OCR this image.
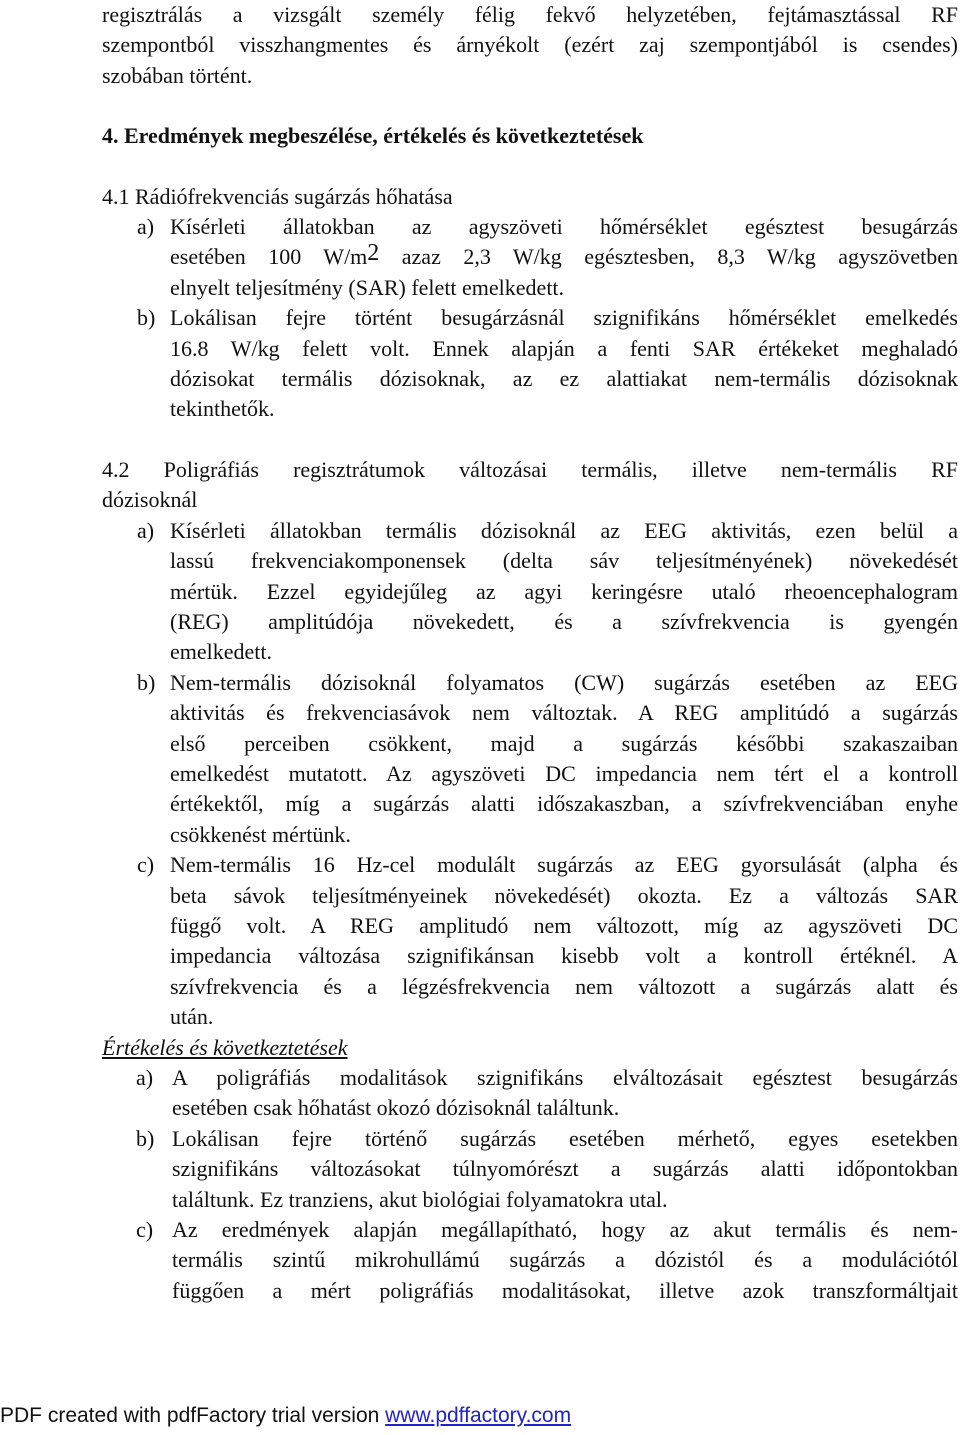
regisztrálás a vizsgált személy félig fekvő helyzetében, fejtámasztással RF
szempontból visszhangmentes és árnyékolt (ezért zaj szempontjából is csendes)
szobában történt.
4. Eredmények megbeszélése, értékelés és következtetések
4.1 Rádiófrekvenciás sugárzás hőhatása
a) Kísérleti állatokban az agyszöveti hőmérséklet egésztest besugárzás
esetében 100 $W/m^2$ azaz 2,3 W/kg egésztesben, 8,3 W/kg agyszövetben
elnyelt teljesítmény (SAR) felett emelkedett.
b) Lokálisan fejre történt besugárzásnál szignifikáns hőmérséklet emelkedés
16.8 W/kg felett volt. Ennek alapján a fenti SAR értékeket meghaladó
dózisokat termális dózisoknak, az ez alattiakat nem-termális dózisoknak
tekinthetők.
4.2 Poligráfiás regisztrátumok változásai termális, illetve nem-termális RF
dózisoknál
a) Kísérleti állatokban termális dózisoknál az EEG aktivitás, ezen belül a
lassú frekvenciakomponensek (delta sáv teljesítményének) növekedését
mértük. Ezzel egyidejűleg az agyi keringésre utaló rheoencephalogram
(REG) amplitúdója növekedett, és a szívfrekvencia is gyengén
emelkedett.
b) Nem-termális dózisoknál folyamatos (CW) sugárzás esetében az EEG
aktivitás és frekvenciasávok nem változtak. A REG amplitúdó a sugárzás
első perceiben csökkent, majd a sugárzás későbbi szakaszaiban
emelkedést mutatott. Az agyszöveti DC impedancia nem tért el a kontroll
értékektől, míg a sugárzás alatti időszakaszban, a szívfrekvenciában enyhe
csökkenést mértünk.
c) Nem-termális 16 Hz-cel modulált sugárzás az EEG gyorsulását (alpha és
beta sávok teljesítményeinek növekedését) okozta. Ez a változás SAR
függő volt. A REG amplitudó nem változott, míg az agyszöveti DC
impedancia változása szignifikánsan kisebb volt a kontroll értéknél. A
szívfrekvencia és a légzésfrekvencia nem változott a sugárzás alatt és
után.
Értékelés és következtetések
a) A poligráfiás modalitások szignifikáns elváltozásait egésztest besugárzás
esetében csak hőhatást okozó dózisoknál találtunk.
b) Lokálisan fejre történő sugárzás esetében mérhető, egyes esetekben
szignifikáns változásokat túlnyomórészt a sugárzás alatti időpontokban
találtunk. Ez tranziens, akut biológiai folyamatokra utal.
c) Az eredmények alapján megállapítható, hogy az akut termális és nem-
termális szintű mikrohullámú sugárzás a dózistól és a modulációtól
függően a mért poligráfiás modalitásokat, illetve azok transzformáltjait
PDF created with pdfFactory trial version www.pdffactory.com
